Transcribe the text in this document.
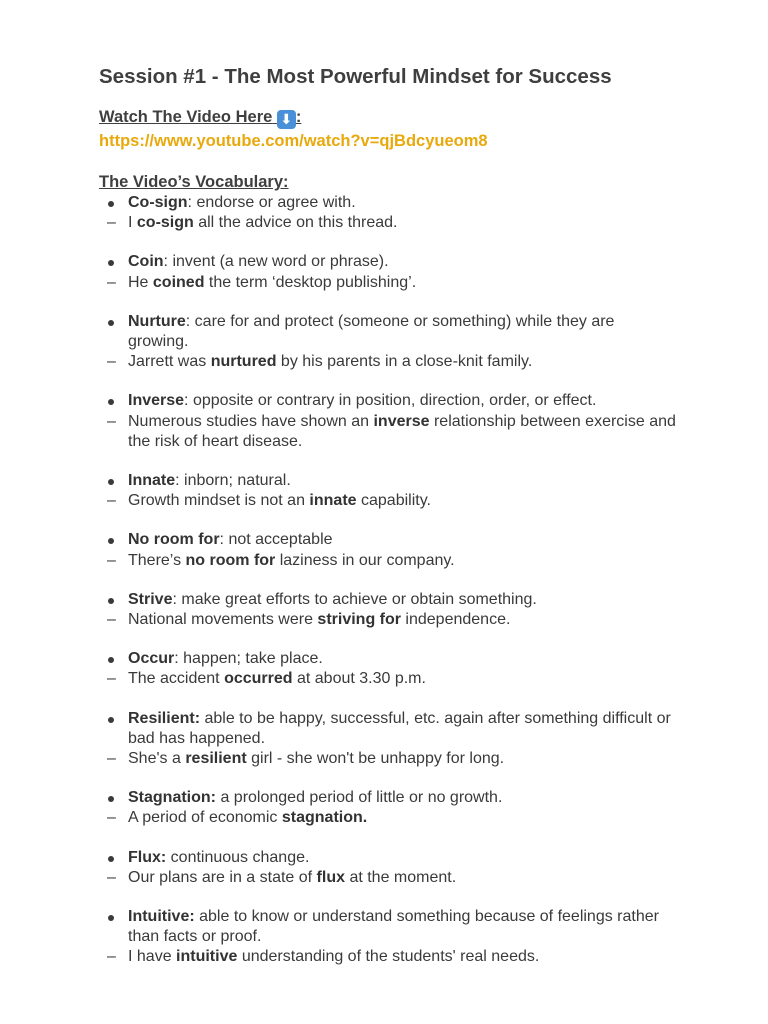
Session #1 - The Most Powerful Mindset for Success
Watch The Video Here ⬇ :
https://www.youtube.com/watch?v=qjBdcyueom8
The Video’s Vocabulary:
Co-sign: endorse or agree with.
– I co-sign all the advice on this thread.
Coin: invent (a new word or phrase).
– He coined the term ‘desktop publishing’.
Nurture: care for and protect (someone or something) while they are growing.
– Jarrett was nurtured by his parents in a close-knit family.
Inverse: opposite or contrary in position, direction, order, or effect.
– Numerous studies have shown an inverse relationship between exercise and the risk of heart disease.
Innate: inborn; natural.
– Growth mindset is not an innate capability.
No room for: not acceptable
– There’s no room for laziness in our company.
Strive: make great efforts to achieve or obtain something.
– National movements were striving for independence.
Occur: happen; take place.
– The accident occurred at about 3.30 p.m.
Resilient: able to be happy, successful, etc. again after something difficult or bad has happened.
– She's a resilient girl - she won't be unhappy for long.
Stagnation: a prolonged period of little or no growth.
– A period of economic stagnation.
Flux: continuous change.
– Our plans are in a state of flux at the moment.
Intuitive: able to know or understand something because of feelings rather than facts or proof.
– I have intuitive understanding of the students' real needs.
